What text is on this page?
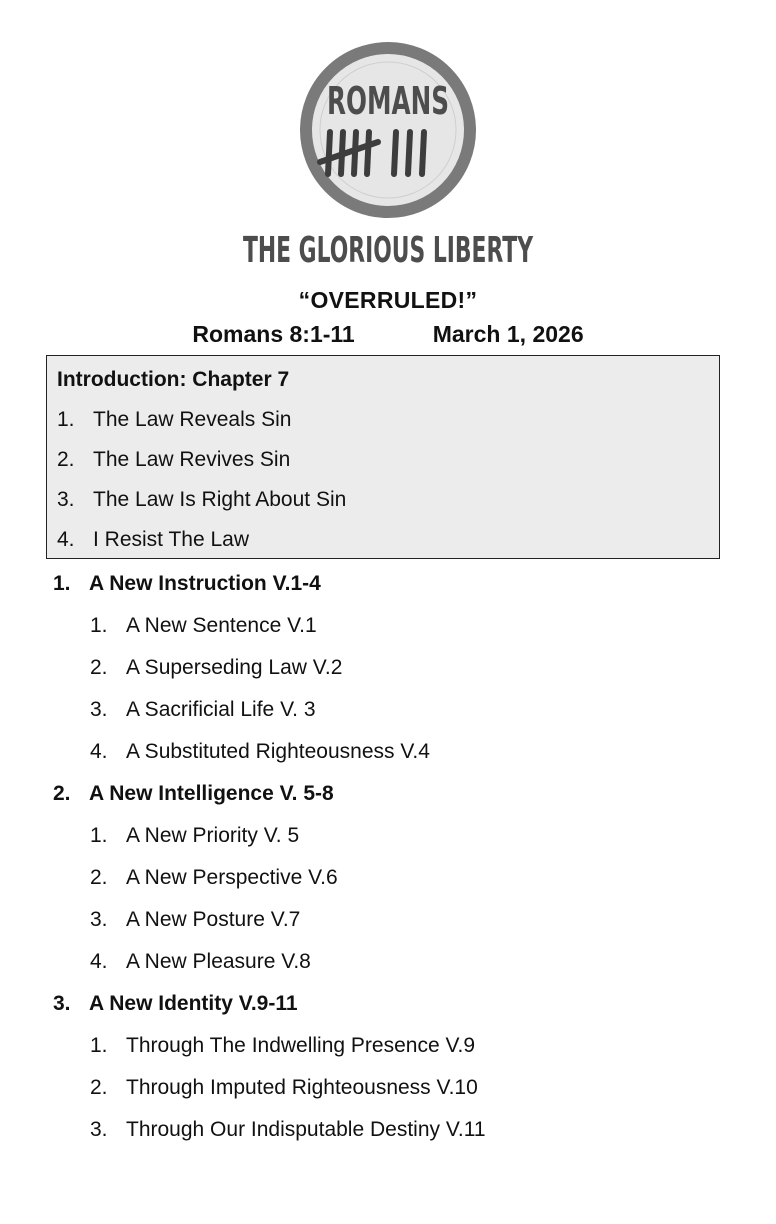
ROMANS
THE GLORIOUS LIBERTY
“OVERRULED!”
Romans 8:1-11	March 1, 2026
Introduction: Chapter 7
1. The Law Reveals Sin
2. The Law Revives Sin
3. The Law Is Right About Sin
4. I Resist The Law
1. A New Instruction V.1-4
1. A New Sentence V.1
2. A Superseding Law V.2
3. A Sacrificial Life V. 3
4. A Substituted Righteousness V.4
2. A New Intelligence V. 5-8
1. A New Priority V. 5
2. A New Perspective V.6
3. A New Posture V.7
4. A New Pleasure V.8
3. A New Identity V.9-11
1. Through The Indwelling Presence V.9
2. Through Imputed Righteousness V.10
3. Through Our Indisputable Destiny V.11
